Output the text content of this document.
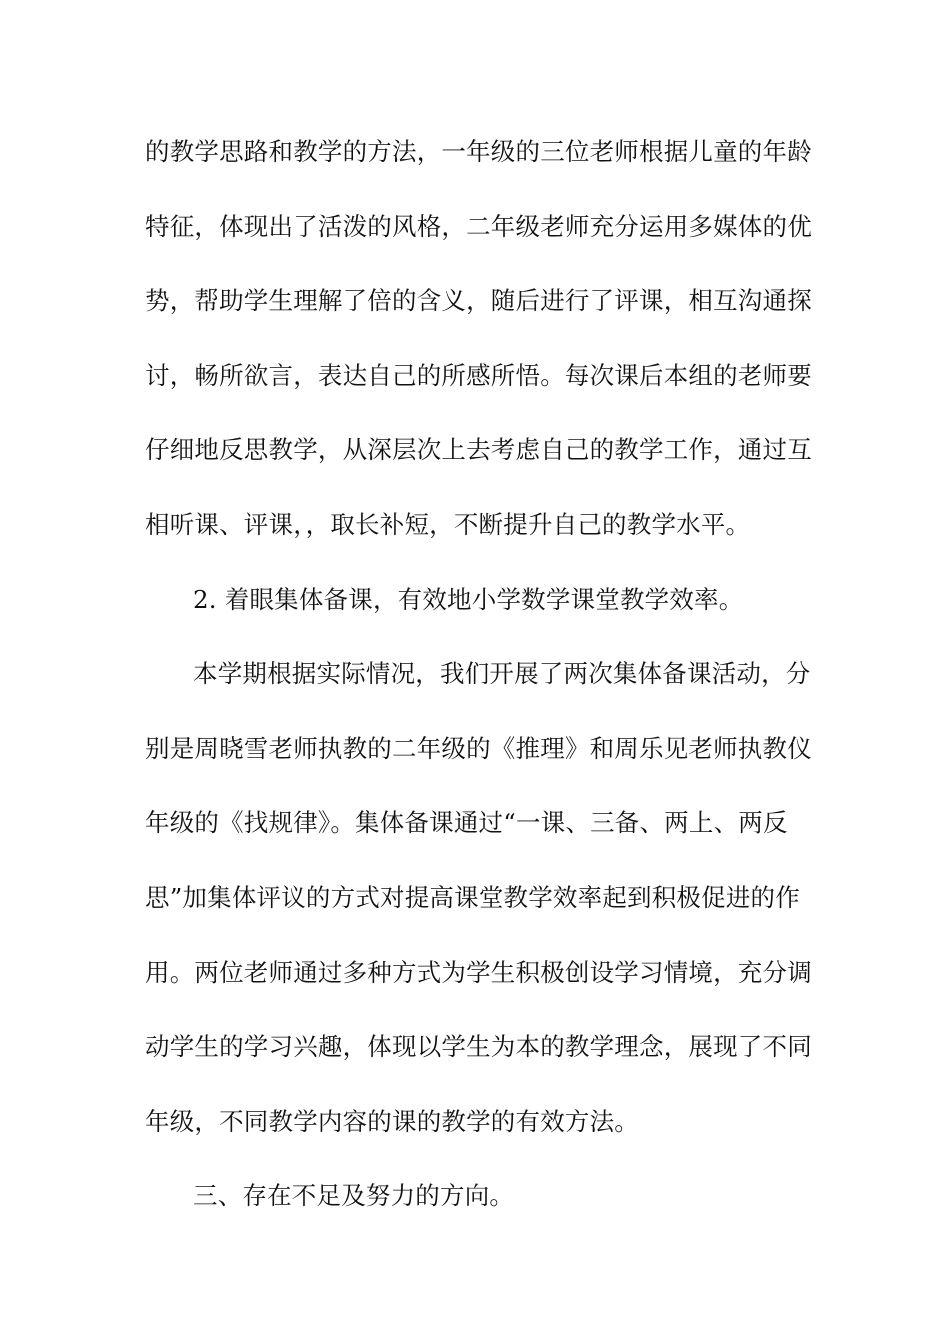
的教学思路和教学的方法，一年级的三位老师根据儿童的年龄
特征，体现出了活泼的风格，二年级老师充分运用多媒体的优
势，帮助学生理解了倍的含义，随后进行了评课，相互沟通探
讨，畅所欲言，表达自己的所感所悟。每次课后本组的老师要
仔细地反思教学，从深层次上去考虑自己的教学工作，通过互
相听课、评课，，取长补短，不断提升自己的教学水平。
2. 着眼集体备课，有效地小学数学课堂教学效率。
本学期根据实际情况，我们开展了两次集体备课活动，分
别是周晓雪老师执教的二年级的《推理》和周乐见老师执教仪
年级的《找规律》。集体备课通过“一课、三备、两上、两反
思”加集体评议的方式对提高课堂教学效率起到积极促进的作
用。两位老师通过多种方式为学生积极创设学习情境，充分调
动学生的学习兴趣，体现以学生为本的教学理念，展现了不同
年级，不同教学内容的课的教学的有效方法。
三、存在不足及努力的方向。
